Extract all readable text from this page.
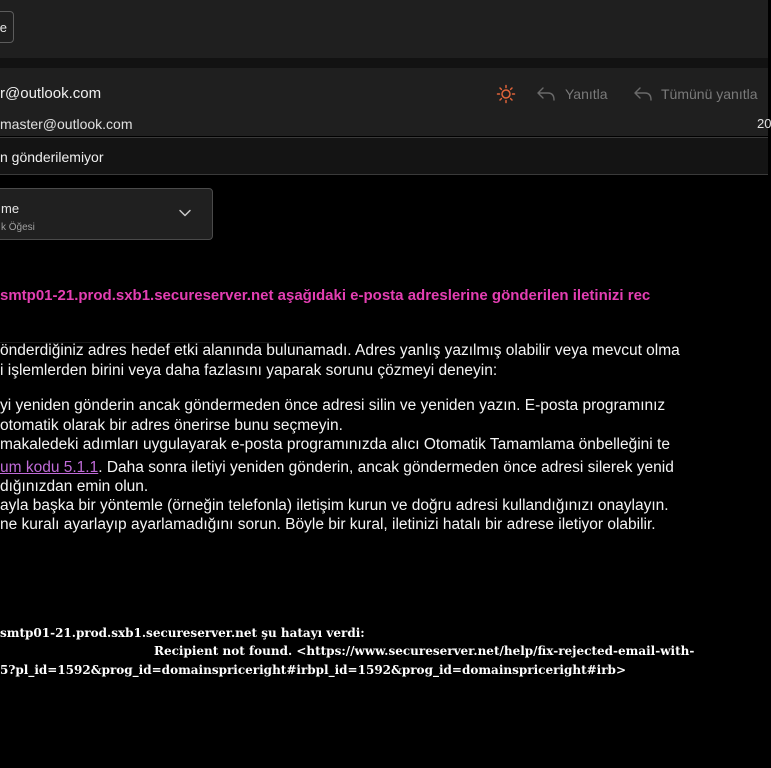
e
r@outlook.com
master@outlook.com	20
Yanıtla	Tümünü yanıtla
n gönderilemiyor
me
k Öğesi
smtp01-21.prod.sxb1.secureserver.net aşağıdaki e-posta adreslerine gönderilen iletinizi rec
önderdiğiniz adres hedef etki alanında bulunamadı. Adres yanlış yazılmış olabilir veya mevcut olma
i işlemlerden birini veya daha fazlasını yaparak sorunu çözmeyi deneyin:
yi yeniden gönderin ancak göndermeden önce adresi silin ve yeniden yazın. E-posta programınız
otomatik olarak bir adres önerirse bunu seçmeyin.
makaledeki adımları uygulayarak e-posta programınızda alıcı Otomatik Tamamlama önbelleğini te
um kodu 5.1.1. Daha sonra iletiyi yeniden gönderin, ancak göndermeden önce adresi silerek yenid
dığınızdan emin olun.
ayla başka bir yöntemle (örneğin telefonla) iletişim kurun ve doğru adresi kullandığınızı onaylayın.
ne kuralı ayarlayıp ayarlamadığını sorun. Böyle bir kural, iletinizi hatalı bir adrese iletiyor olabilir.
smtp01-21.prod.sxb1.secureserver.net şu hatayı verdi:
Recipient not found. <https://www.secureserver.net/help/fix-rejected-email-with-
5?pl_id=1592&prog_id=domainspriceright#irbpl_id=1592&prog_id=domainspriceright#irb>
